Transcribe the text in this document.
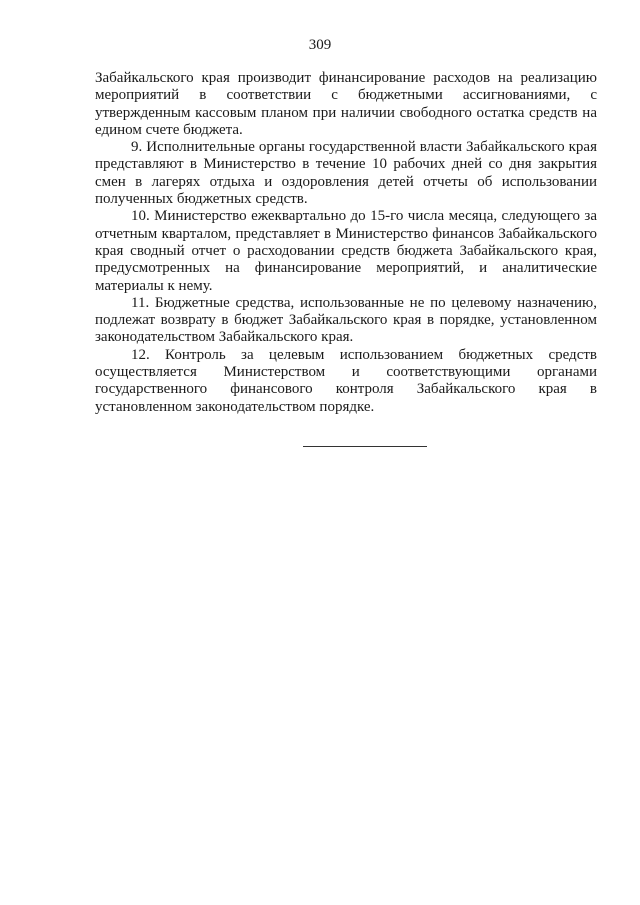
309

Забайкальского края производит финансирование расходов на реализацию мероприятий в соответствии с бюджетными ассигнованиями, с утвержденным кассовым планом при наличии свободного остатка средств на едином счете бюджета.

9. Исполнительные органы государственной власти Забайкальского края представляют в Министерство в течение 10 рабочих дней со дня закрытия смен в лагерях отдыха и оздоровления детей отчеты об использовании полученных бюджетных средств.

10. Министерство ежеквартально до 15-го числа месяца, следующего за отчетным кварталом, представляет в Министерство финансов Забайкальского края сводный отчет о расходовании средств бюджета Забайкальского края, предусмотренных на финансирование мероприятий, и аналитические материалы к нему.

11. Бюджетные средства, использованные не по целевому назначению, подлежат возврату в бюджет Забайкальского края в порядке, установленном законодательством Забайкальского края.

12. Контроль за целевым использованием бюджетных средств осуществляется Министерством и соответствующими органами государственного финансового контроля Забайкальского края в установленном законодательством порядке.
